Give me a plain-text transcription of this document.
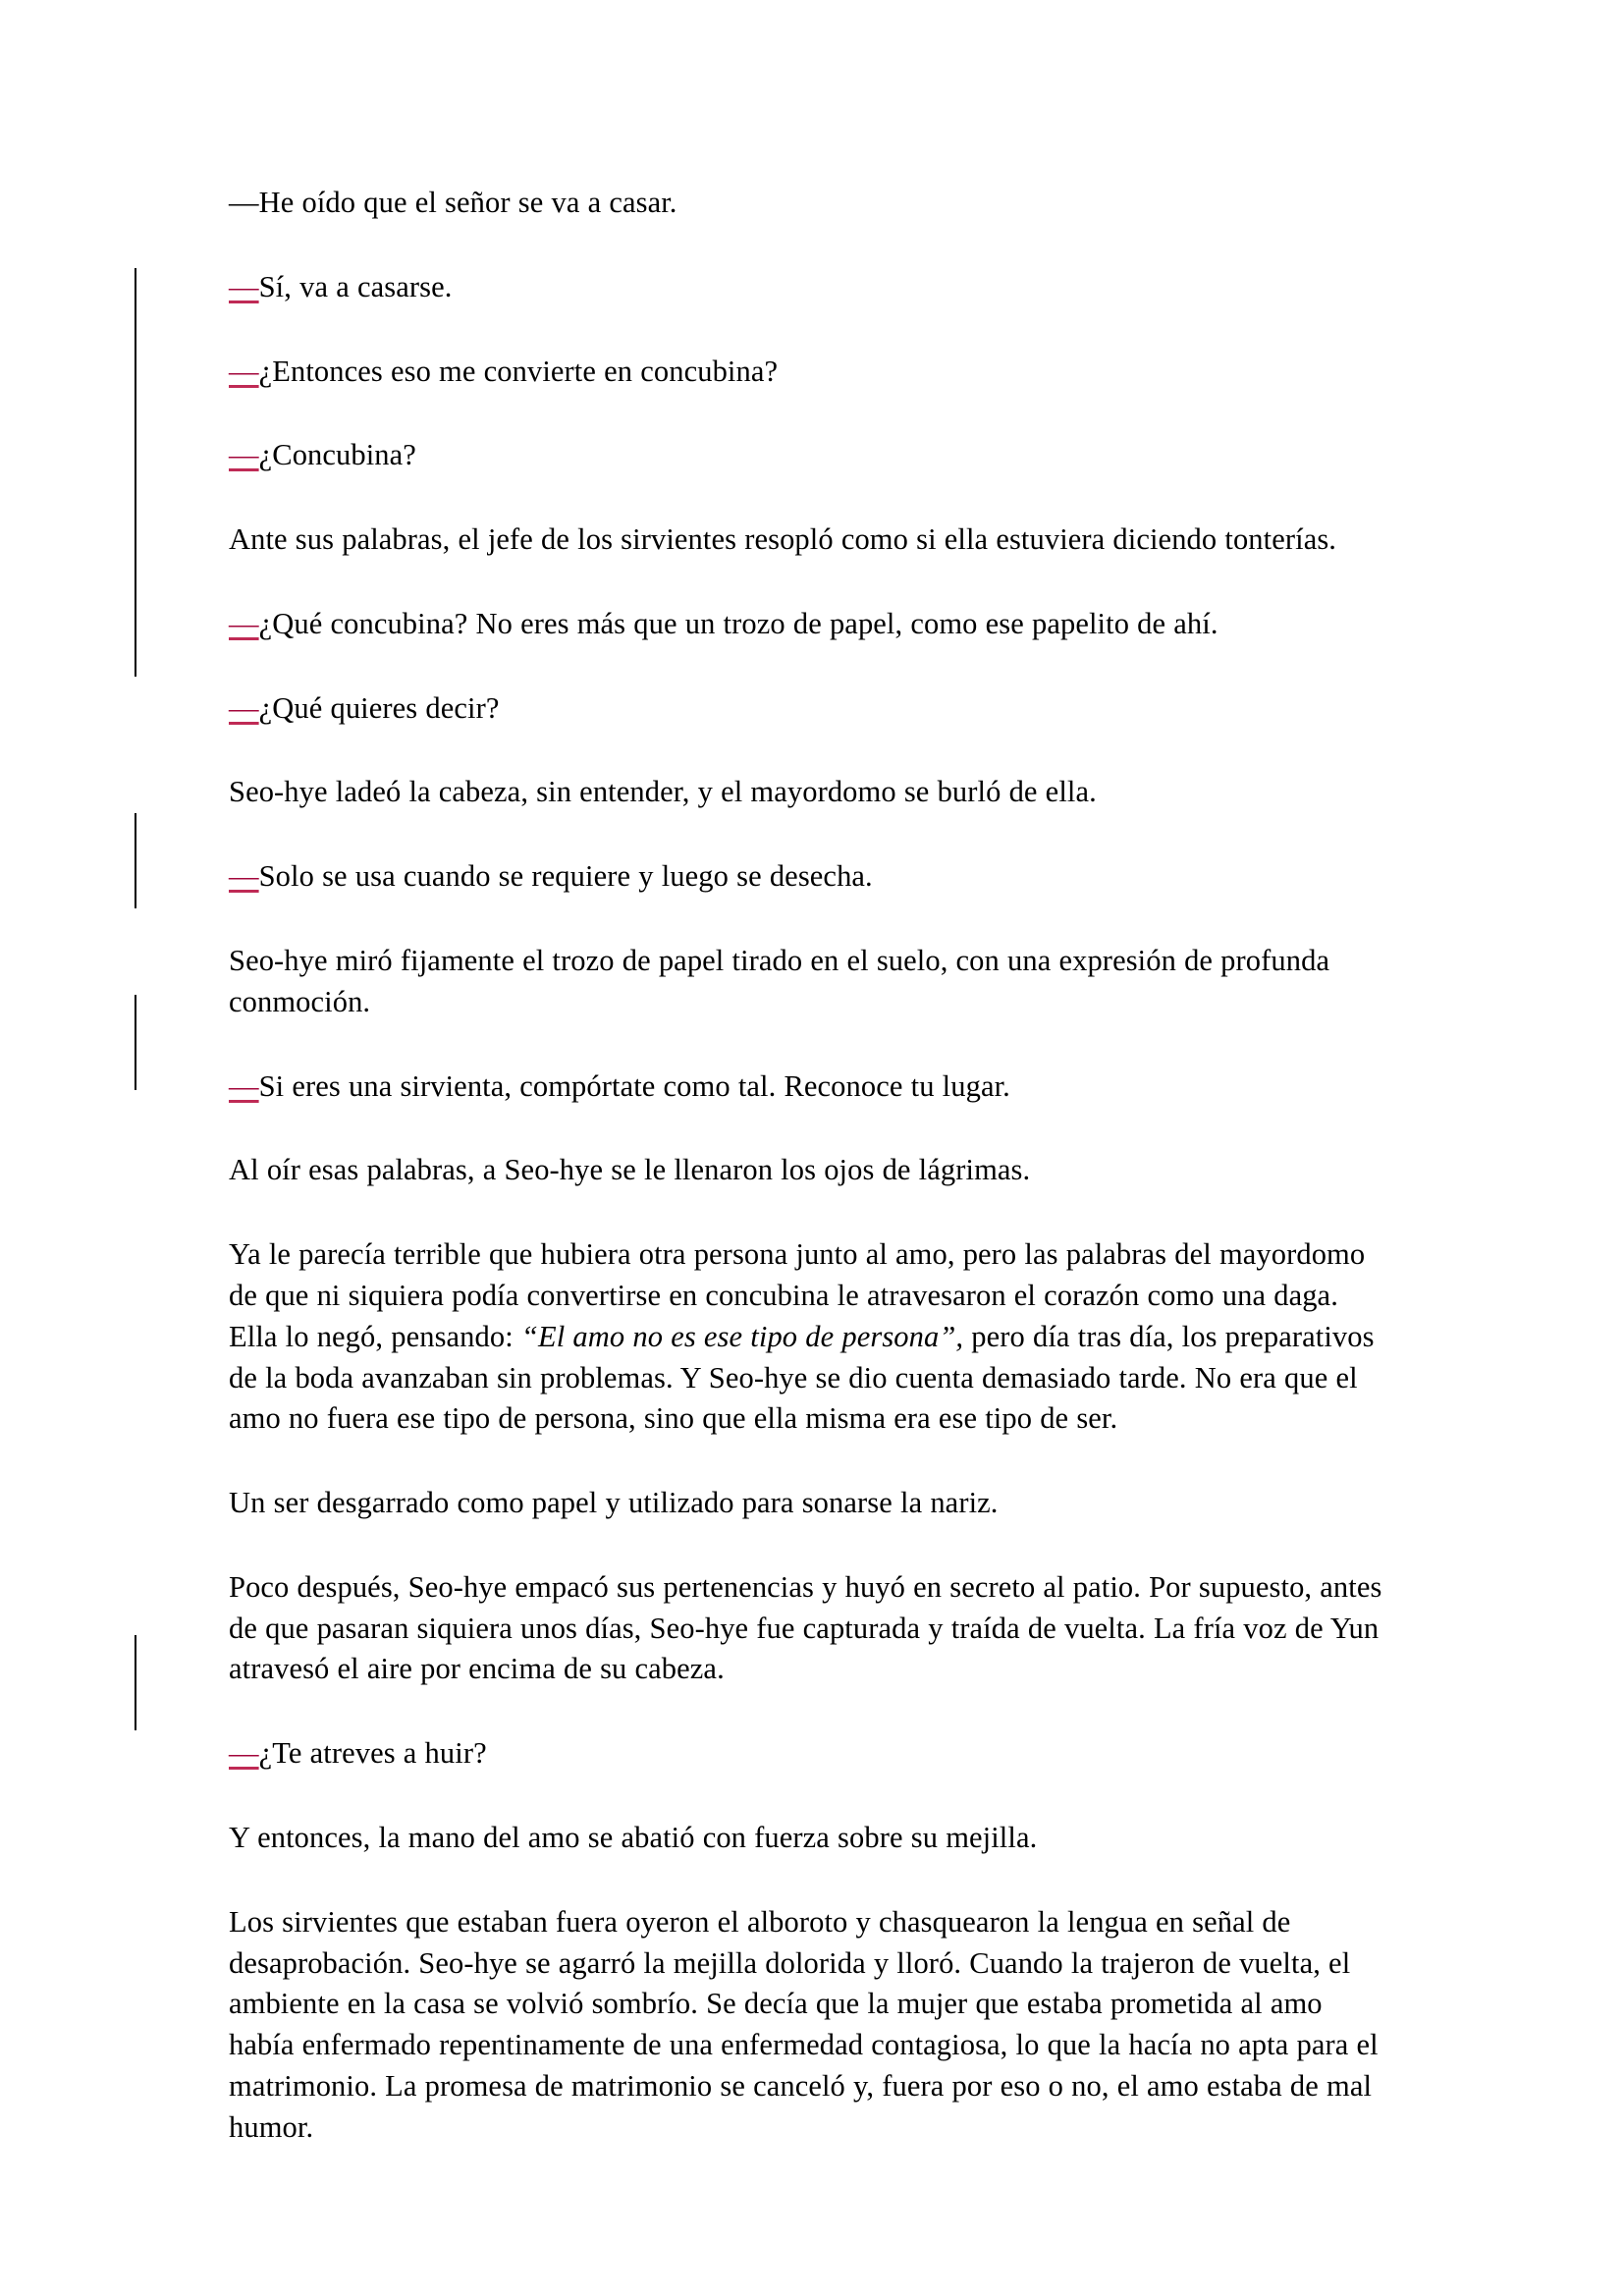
—He oído que el señor se va a casar.

—Sí, va a casarse.

—¿Entonces eso me convierte en concubina?

—¿Concubina?

Ante sus palabras, el jefe de los sirvientes resopló como si ella estuviera diciendo tonterías.

—¿Qué concubina? No eres más que un trozo de papel, como ese papelito de ahí.

—¿Qué quieres decir?

Seo-hye ladeó la cabeza, sin entender, y el mayordomo se burló de ella.

—Solo se usa cuando se requiere y luego se desecha.

Seo-hye miró fijamente el trozo de papel tirado en el suelo, con una expresión de profunda conmoción.

—Si eres una sirvienta, compórtate como tal. Reconoce tu lugar.

Al oír esas palabras, a Seo-hye se le llenaron los ojos de lágrimas.

Ya le parecía terrible que hubiera otra persona junto al amo, pero las palabras del mayordomo de que ni siquiera podía convertirse en concubina le atravesaron el corazón como una daga. Ella lo negó, pensando: “El amo no es ese tipo de persona”, pero día tras día, los preparativos de la boda avanzaban sin problemas. Y Seo-hye se dio cuenta demasiado tarde. No era que el amo no fuera ese tipo de persona, sino que ella misma era ese tipo de ser.

Un ser desgarrado como papel y utilizado para sonarse la nariz.

Poco después, Seo-hye empacó sus pertenencias y huyó en secreto al patio. Por supuesto, antes de que pasaran siquiera unos días, Seo-hye fue capturada y traída de vuelta. La fría voz de Yun atravesó el aire por encima de su cabeza.

—¿Te atreves a huir?

Y entonces, la mano del amo se abatió con fuerza sobre su mejilla.

Los sirvientes que estaban fuera oyeron el alboroto y chasquearon la lengua en señal de desaprobación. Seo-hye se agarró la mejilla dolorida y lloró. Cuando la trajeron de vuelta, el ambiente en la casa se volvió sombrío. Se decía que la mujer que estaba prometida al amo había enfermado repentinamente de una enfermedad contagiosa, lo que la hacía no apta para el matrimonio. La promesa de matrimonio se canceló y, fuera por eso o no, el amo estaba de mal humor.
